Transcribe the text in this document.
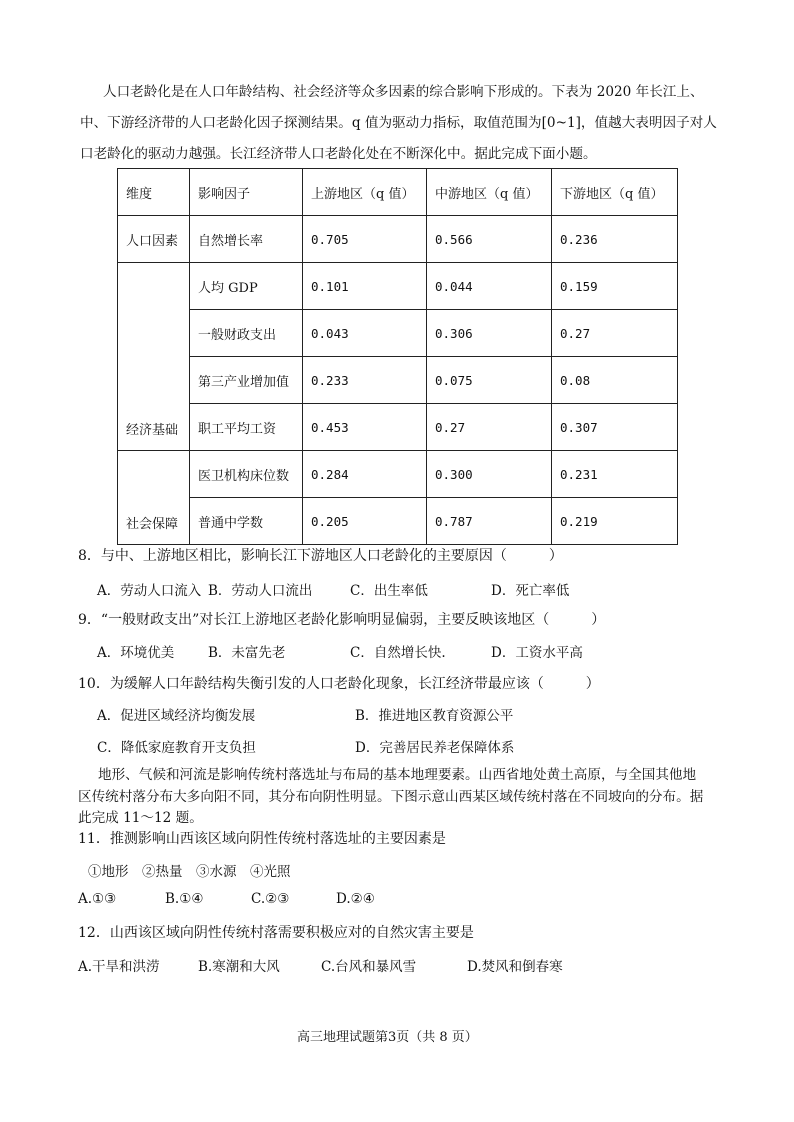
人口老龄化是在人口年龄结构、社会经济等众多因素的综合影响下形成的。下表为 2020 年长江上、
中、下游经济带的人口老龄化因子探测结果。q 值为驱动力指标，取值范围为[0~1]，值越大表明因子对人
口老龄化的驱动力越强。长江经济带人口老龄化处在不断深化中。据此完成下面小题。
维度	影响因子	上游地区（q 值）	中游地区（q 值）	下游地区（q 值）
人口因素	自然增长率	0.705	0.566	0.236
经济基础	人均 GDP	0.101	0.044	0.159
	一般财政支出	0.043	0.306	0.27
	第三产业增加值	0.233	0.075	0.08
	职工平均工资	0.453	0.27	0.307
社会保障	医卫机构床位数	0.284	0.300	0.231
	普通中学数	0.205	0.787	0.219
8．与中、上游地区相比，影响长江下游地区人口老龄化的主要原因（　　　）
A．劳动人口流入 B．劳动人口流出	C．出生率低	D．死亡率低
9．“一般财政支出”对长江上游地区老龄化影响明显偏弱，主要反映该地区（　　　）
A．环境优美	B．未富先老	C．自然增长快.	D．工资水平高
10．为缓解人口年龄结构失衡引发的人口老龄化现象，长江经济带最应该（　　　）
A．促进区域经济均衡发展	B．推进地区教育资源公平
C．降低家庭教育开支负担	D．完善居民养老保障体系
地形、气候和河流是影响传统村落选址与布局的基本地理要素。山西省地处黄土高原，与全国其他地
区传统村落分布大多向阳不同，其分布向阴性明显。下图示意山西某区域传统村落在不同坡向的分布。据
此完成 11～12 题。
11．推测影响山西该区域向阴性传统村落选址的主要因素是
①地形　②热量　③水源　④光照
A.①③	B.①④	C.②③	D.②④
12．山西该区域向阴性传统村落需要积极应对的自然灾害主要是
A.干旱和洪涝	B.寒潮和大风	C.台风和暴风雪	D.焚风和倒春寒
高三地理试题第3页（共 8 页）
